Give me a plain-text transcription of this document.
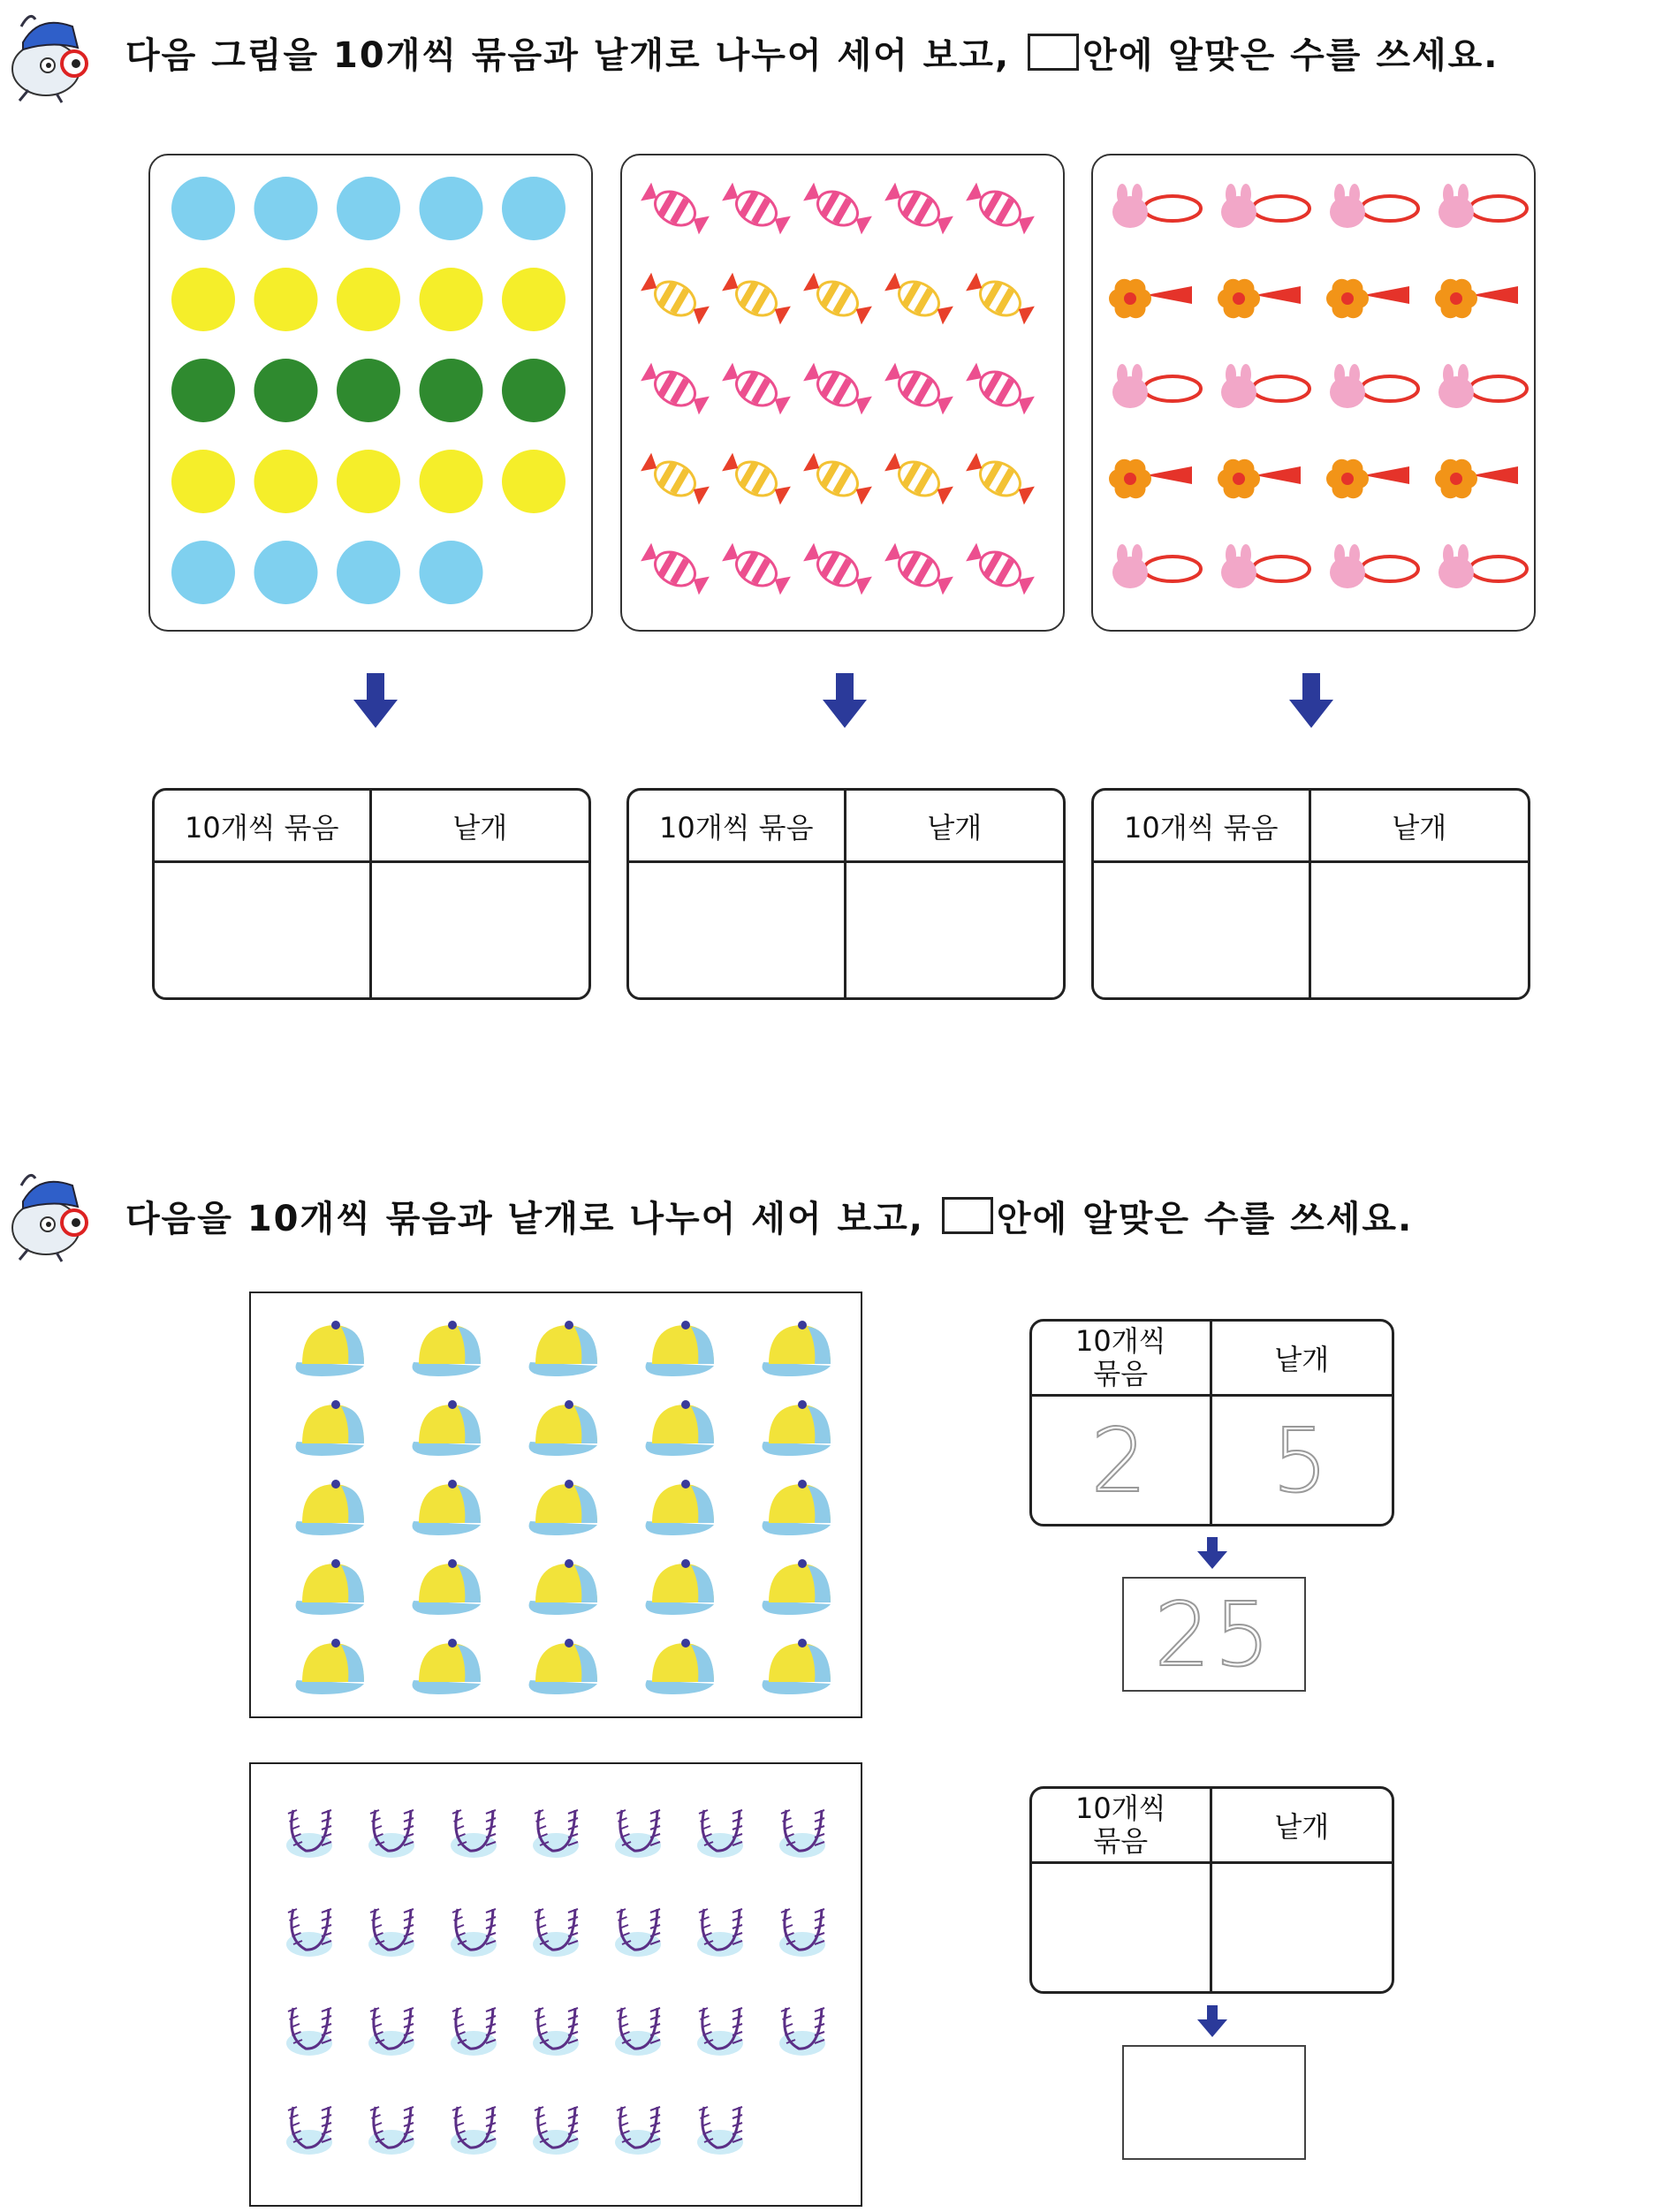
다음 그림을 10개씩 묶음과 낱개로 나누어 세어 보고, 안에 알맞은 수를 쓰세요.
10개씩 묶음	낱개
		10개씩 묶음	낱개
		10개씩 묶음	낱개

다음을 10개씩 묶음과 낱개로 나누어 세어 보고, 안에 알맞은 수를 쓰세요.
10개씩
묶음	낱개
2	5
25
10개씩
묶음	낱개
